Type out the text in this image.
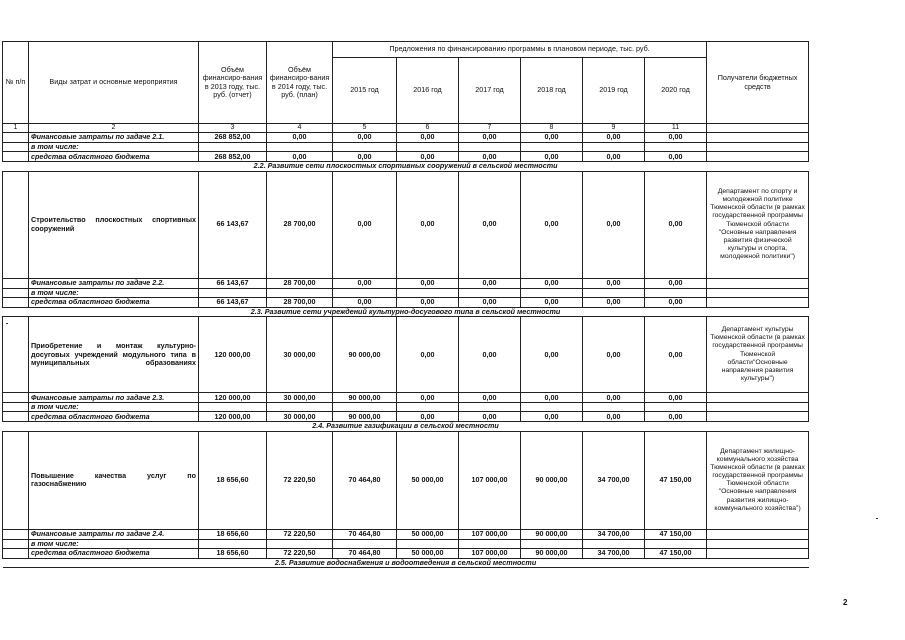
№ п/п	Виды затрат и основные мероприятия	Объём финансиро-вания в 2013 году, тыс. руб. (отчет)	Объём финансиро-вания в 2014 году, тыс. руб. (план)	Предложения по финансированию программы в плановом периоде, тыс. руб.						Получатели бюджетных средств
				2015 год	2016 год	2017 год	2018 год	2019 год	2020 год	
1	2	3	4	5	6	7	8	9	11	
	Финансовые затраты по задаче 2.1.	268 852,00	0,00	0,00	0,00	0,00	0,00	0,00	0,00	
	в том числе:									
	средства областного бюджета	268 852,00	0,00	0,00	0,00	0,00	0,00	0,00	0,00	
2.2. Развитие сети плоскостных спортивных сооружений в сельской местности										
	Строительство плоскостных спортивных сооружений	66 143,67	28 700,00	0,00	0,00	0,00	0,00	0,00	0,00	Департамент по спорту и молодежной политике Тюменской области (в рамках государственной программы Тюменской области "Основные направления развития физической культуры и спорта, молодежной политики")
	Финансовые затраты по задаче 2.2.	66 143,67	28 700,00	0,00	0,00	0,00	0,00	0,00	0,00	
	в том числе:									
	средства областного бюджета	66 143,67	28 700,00	0,00	0,00	0,00	0,00	0,00	0,00	
2.3. Развитие сети учреждений культурно-досугового типа в сельской местности										
	Приобретение и монтаж культурно-досуговых учреждений модульного типа в муниципальных образованиях	120 000,00	30 000,00	90 000,00	0,00	0,00	0,00	0,00	0,00	Департамент культуры Тюменской области (в рамках государственной программы Тюменской области"Основные направления развития культуры")
	Финансовые затраты по задаче 2.3.	120 000,00	30 000,00	90 000,00	0,00	0,00	0,00	0,00	0,00	
	в том числе:									
	средства областного бюджета	120 000,00	30 000,00	90 000,00	0,00	0,00	0,00	0,00	0,00	
2.4. Развитие газификации в сельской местности										
	Повышение качества услуг по газоснабжению	18 656,60	72 220,50	70 464,80	50 000,00	107 000,00	90 000,00	34 700,00	47 150,00	Департамент жилищно-коммунального хозяйства Тюменской области (в рамках государственной программы Тюменской области "Основные направления развития жилищно-коммунального хозяйства")
	Финансовые затраты по задаче 2.4.	18 656,60	72 220,50	70 464,80	50 000,00	107 000,00	90 000,00	34 700,00	47 150,00	
	в том числе:									
	средства областного бюджета	18 656,60	72 220,50	70 464,80	50 000,00	107 000,00	90 000,00	34 700,00	47 150,00	
2.5. Развитие водоснабжения и водоотведения в сельской местности										
2
